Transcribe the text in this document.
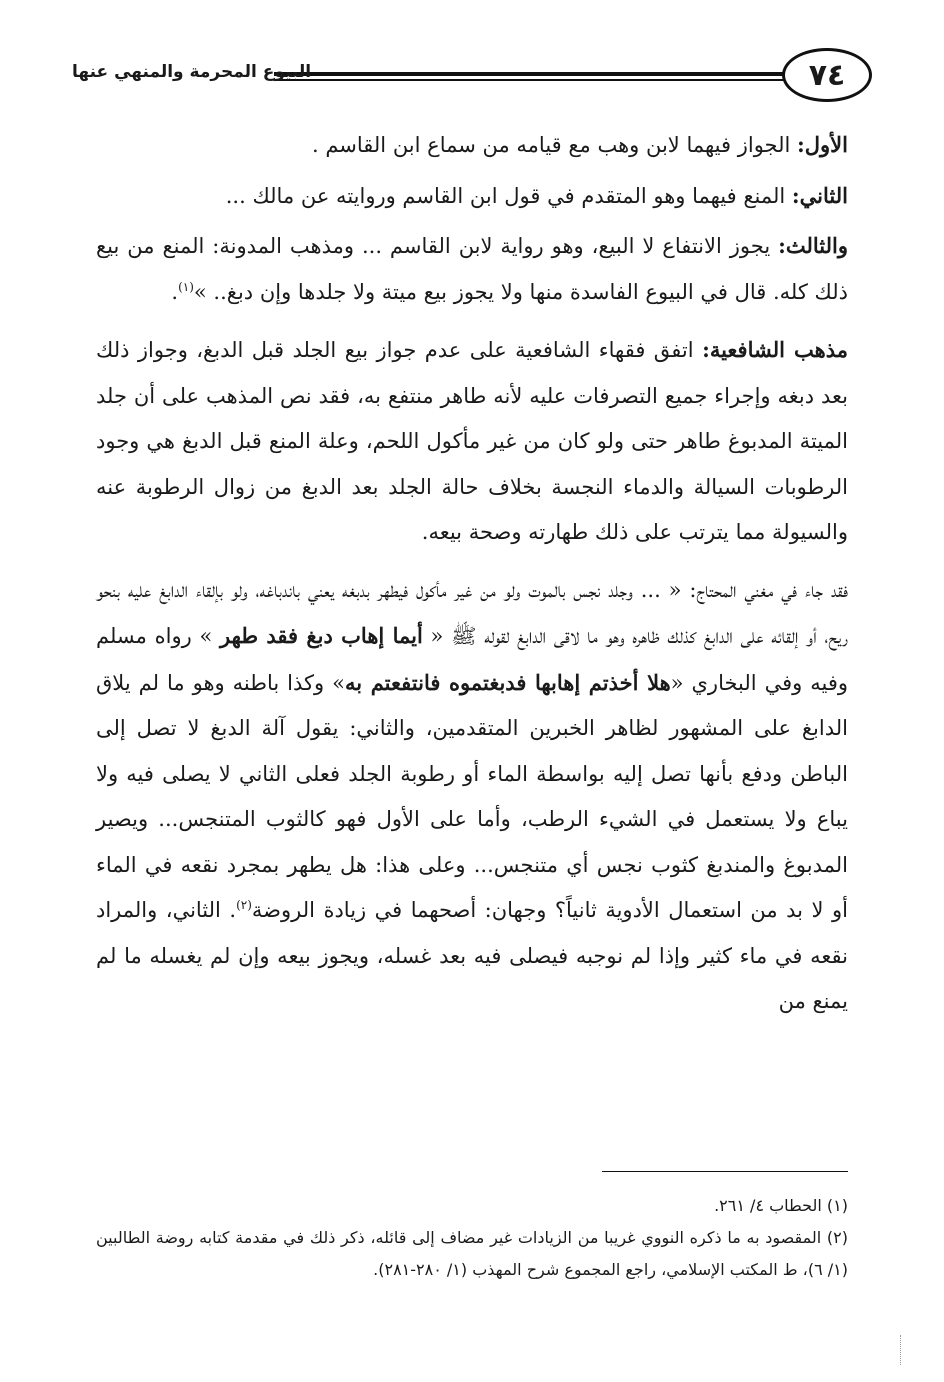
٧٤
البيوع المحرمة والمنهي عنها

الأول: الجواز فيهما لابن وهب مع قيامه من سماع ابن القاسم .

الثاني: المنع فيهما وهو المتقدم في قول ابن القاسم وروايته عن مالك ...

والثالث: يجوز الانتفاع لا البيع، وهو رواية لابن القاسم ... ومذهب المدونة: المنع من بيع ذلك كله. قال في البيوع الفاسدة منها ولا يجوز بيع ميتة ولا جلدها وإن دبغ.. »$^{(١)}$.

مذهب الشافعية: اتفق فقهاء الشافعية على عدم جواز بيع الجلد قبل الدبغ، وجواز ذلك بعد دبغه وإجراء جميع التصرفات عليه لأنه طاهر منتفع به، فقد نص المذهب على أن جلد الميتة المدبوغ طاهر حتى ولو كان من غير مأكول اللحم، وعلة المنع قبل الدبغ هي وجود الرطوبات السيالة والدماء النجسة بخلاف حالة الجلد بعد الدبغ من زوال الرطوبة عنه والسيولة مما يترتب على ذلك طهارته وصحة بيعه.

فقد جاء في مغني المحتاج: « ... وجلد نجس بالموت ولو من غير مأكول فيطهر بدبغه يعني باندباغه، ولو بإلقاء الدابغ عليه بنحو ريح، أو إلقائه على الدابغ كذلك ظاهره وهو ما لاقى الدابغ لقوله ﷺ « أيما إهاب دبغ فقد طهر » رواه مسلم وفيه وفي البخاري «هلا أخذتم إهابها فدبغتموه فانتفعتم به» وكذا باطنه وهو ما لم يلاق الدابغ على المشهور لظاهر الخبرين المتقدمين، والثاني: يقول آلة الدبغ لا تصل إلى الباطن ودفع بأنها تصل إليه بواسطة الماء أو رطوبة الجلد فعلى الثاني لا يصلى فيه ولا يباع ولا يستعمل في الشيء الرطب، وأما على الأول فهو كالثوب المتنجس... ويصير المدبوغ والمندبغ كثوب نجس أي متنجس... وعلى هذا: هل يطهر بمجرد نقعه في الماء أو لا بد من استعمال الأدوية ثانياً؟ وجهان: أصحهما في زيادة الروضة$^{(٢)}$. الثاني، والمراد نقعه في ماء كثير وإذا لم نوجبه فيصلى فيه بعد غسله، ويجوز بيعه وإن لم يغسله ما لم يمنع من

(١) الحطاب ٤/ ٢٦١.

(٢) المقصود به ما ذكره النووي غريبا من الزيادات غير مضاف إلى قائله، ذكر ذلك في مقدمة كتابه روضة الطالبين (١/ ٦)، ط المكتب الإسلامي، راجع المجموع شرح المهذب (١/ ٢٨٠-٢٨١).
